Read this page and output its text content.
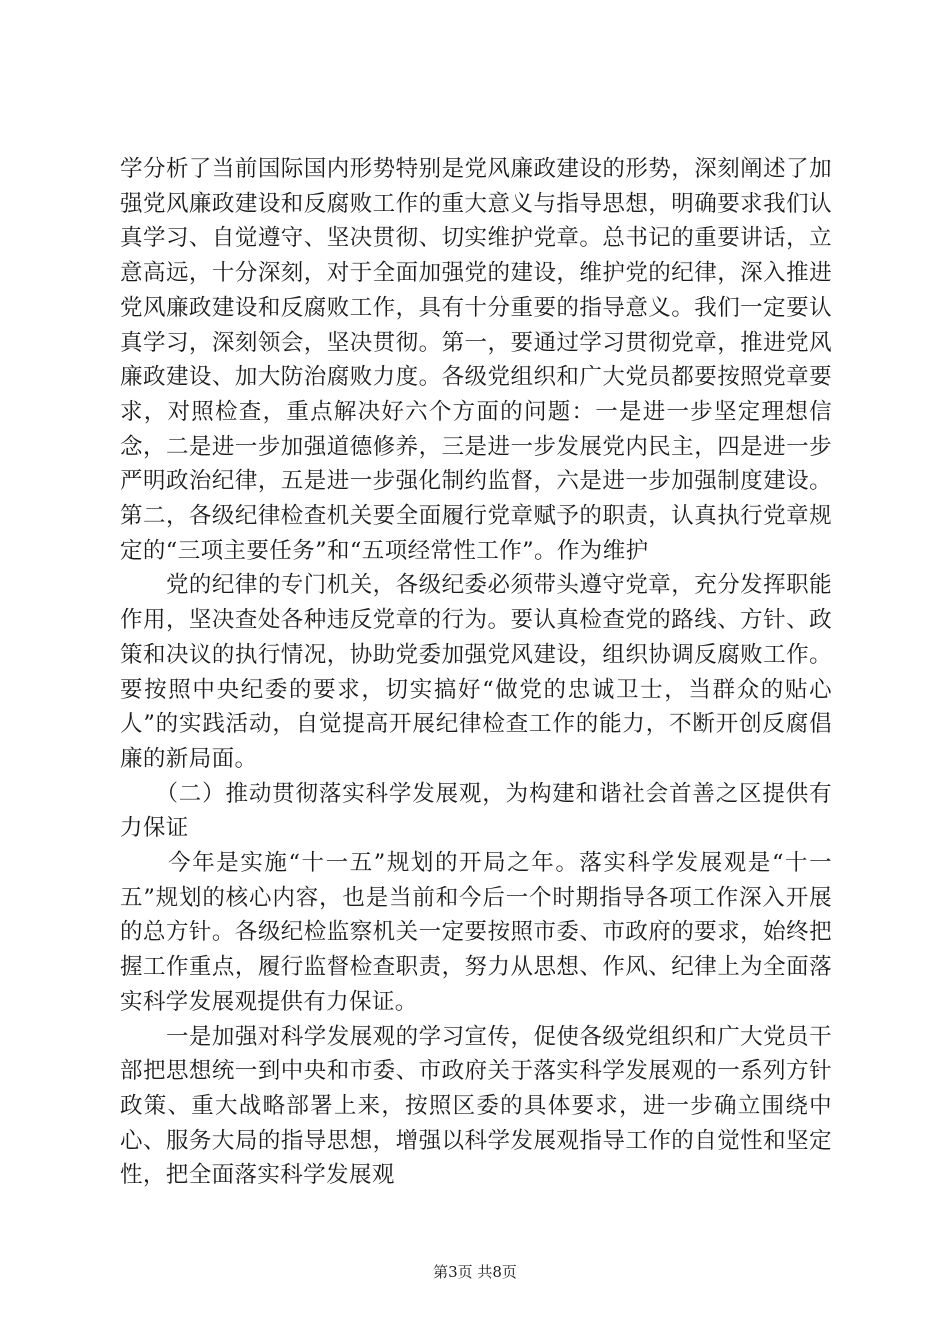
学分析了当前国际国内形势特别是党风廉政建设的形势，深刻阐述了加强党风廉政建设和反腐败工作的重大意义与指导思想，明确要求我们认真学习、自觉遵守、坚决贯彻、切实维护党章。总书记的重要讲话，立意高远，十分深刻，对于全面加强党的建设，维护党的纪律，深入推进党风廉政建设和反腐败工作，具有十分重要的指导意义。我们一定要认真学习，深刻领会，坚决贯彻。第一，要通过学习贯彻党章，推进党风廉政建设、加大防治腐败力度。各级党组织和广大党员都要按照党章要求，对照检查，重点解决好六个方面的问题：一是进一步坚定理想信念，二是进一步加强道德修养，三是进一步发展党内民主，四是进一步严明政治纪律，五是进一步强化制约监督，六是进一步加强制度建设。第二，各级纪律检查机关要全面履行党章赋予的职责，认真执行党章规定的“三项主要任务”和“五项经常性工作”。作为维护

　　党的纪律的专门机关，各级纪委必须带头遵守党章，充分发挥职能作用，坚决查处各种违反党章的行为。要认真检查党的路线、方针、政策和决议的执行情况，协助党委加强党风建设，组织协调反腐败工作。要按照中央纪委的要求，切实搞好“做党的忠诚卫士，当群众的贴心人”的实践活动，自觉提高开展纪律检查工作的能力，不断开创反腐倡廉的新局面。

　　（二）推动贯彻落实科学发展观，为构建和谐社会首善之区提供有力保证

　　今年是实施“十一五”规划的开局之年。落实科学发展观是“十一五”规划的核心内容，也是当前和今后一个时期指导各项工作深入开展的总方针。各级纪检监察机关一定要按照市委、市政府的要求，始终把握工作重点，履行监督检查职责，努力从思想、作风、纪律上为全面落实科学发展观提供有力保证。

　　一是加强对科学发展观的学习宣传，促使各级党组织和广大党员干部把思想统一到中央和市委、市政府关于落实科学发展观的一系列方针政策、重大战略部署上来，按照区委的具体要求，进一步确立围绕中心、服务大局的指导思想，增强以科学发展观指导工作的自觉性和坚定性，把全面落实科学发展观

第3页 共8页
